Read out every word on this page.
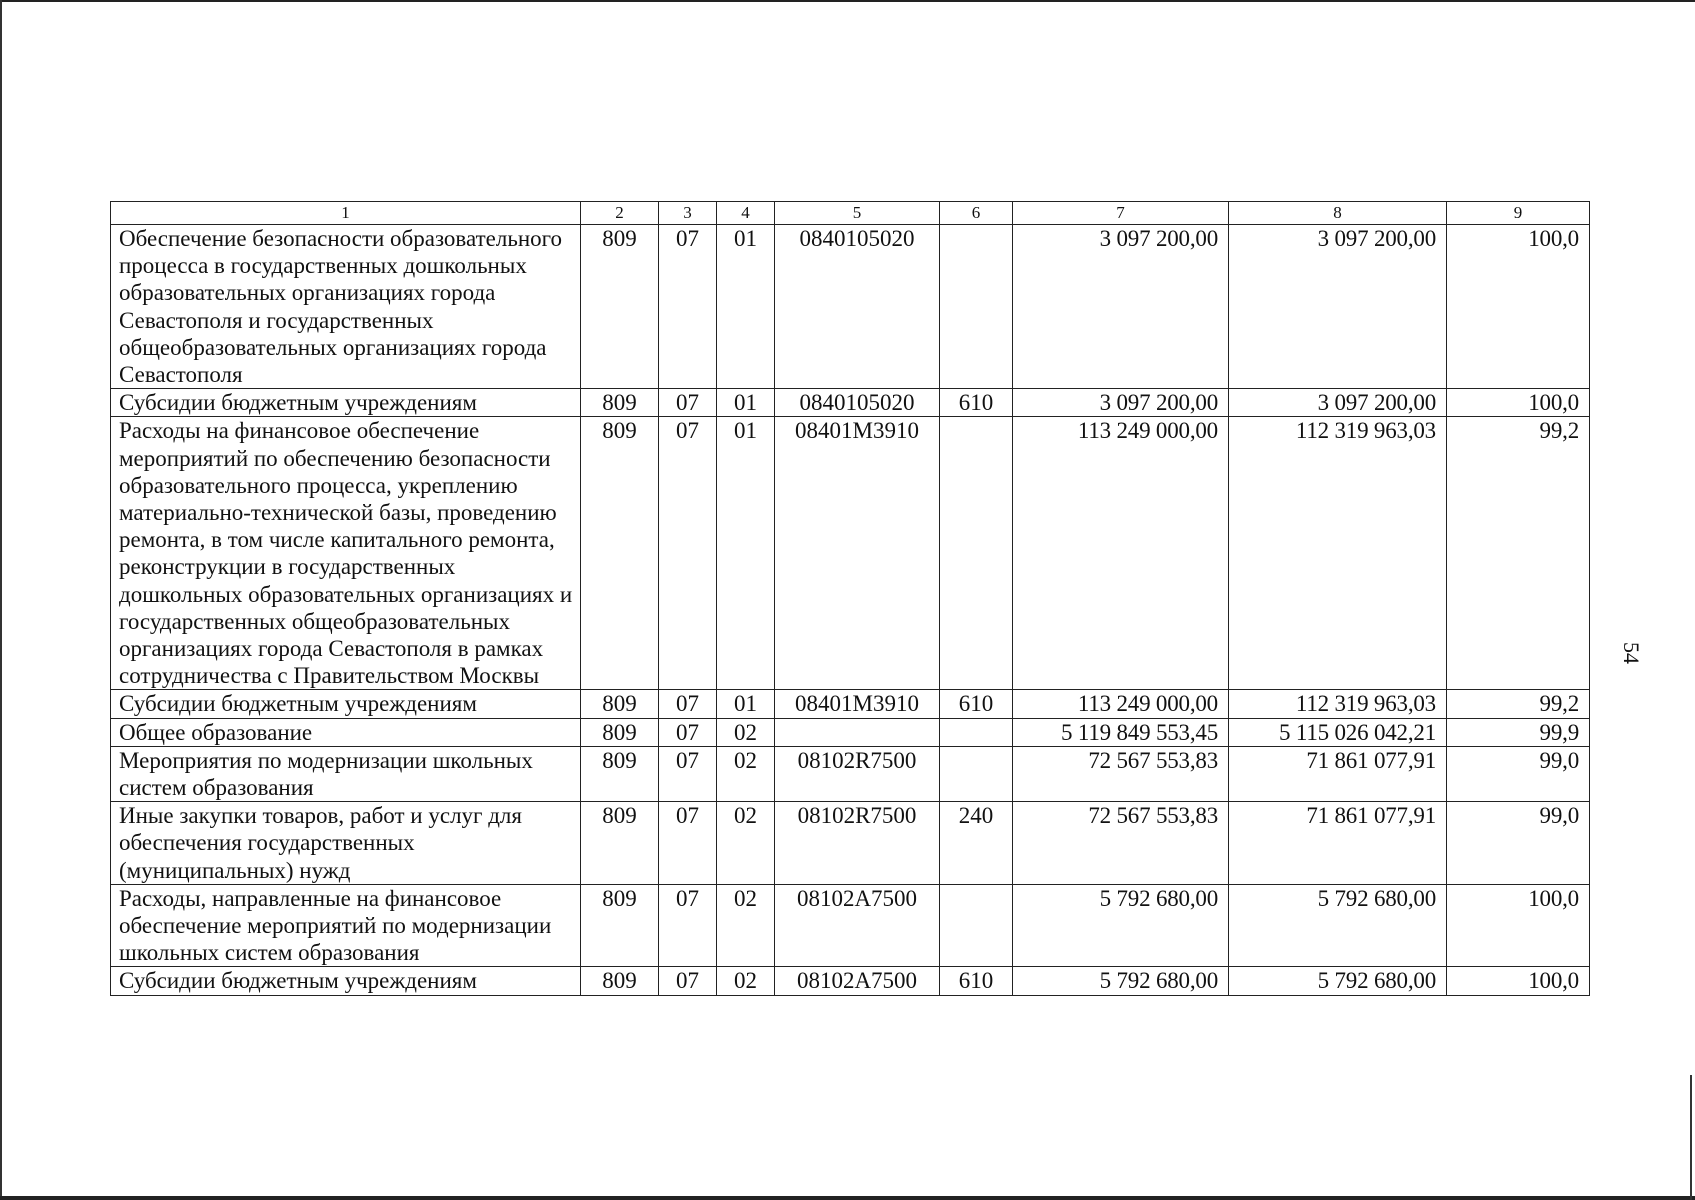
54
1	2	3	4	5	6	7	8	9
Обеспечение безопасности образовательного процесса в государственных дошкольных образовательных организациях города Севастополя и государственных общеобразовательных организациях города Севастополя	809	07	01	0840105020		3 097 200,00	3 097 200,00	100,0
Субсидии бюджетным учреждениям	809	07	01	0840105020	610	3 097 200,00	3 097 200,00	100,0
Расходы на финансовое обеспечение мероприятий по обеспечению безопасности образовательного процесса, укреплению материально-технической базы, проведению ремонта, в том числе капитального ремонта, реконструкции в государственных дошкольных образовательных организациях и государственных общеобразовательных организациях города Севастополя в рамках сотрудничества с Правительством Москвы	809	07	01	08401М3910		113 249 000,00	112 319 963,03	99,2
Субсидии бюджетным учреждениям	809	07	01	08401М3910	610	113 249 000,00	112 319 963,03	99,2
Общее образование	809	07	02			5 119 849 553,45	5 115 026 042,21	99,9
Мероприятия по модернизации школьных систем образования	809	07	02	08102R7500		72 567 553,83	71 861 077,91	99,0
Иные закупки товаров, работ и услуг для обеспечения государственных (муниципальных) нужд	809	07	02	08102R7500	240	72 567 553,83	71 861 077,91	99,0
Расходы, направленные на финансовое обеспечение мероприятий по модернизации школьных систем образования	809	07	02	08102А7500		5 792 680,00	5 792 680,00	100,0
Субсидии бюджетным учреждениям	809	07	02	08102А7500	610	5 792 680,00	5 792 680,00	100,0
